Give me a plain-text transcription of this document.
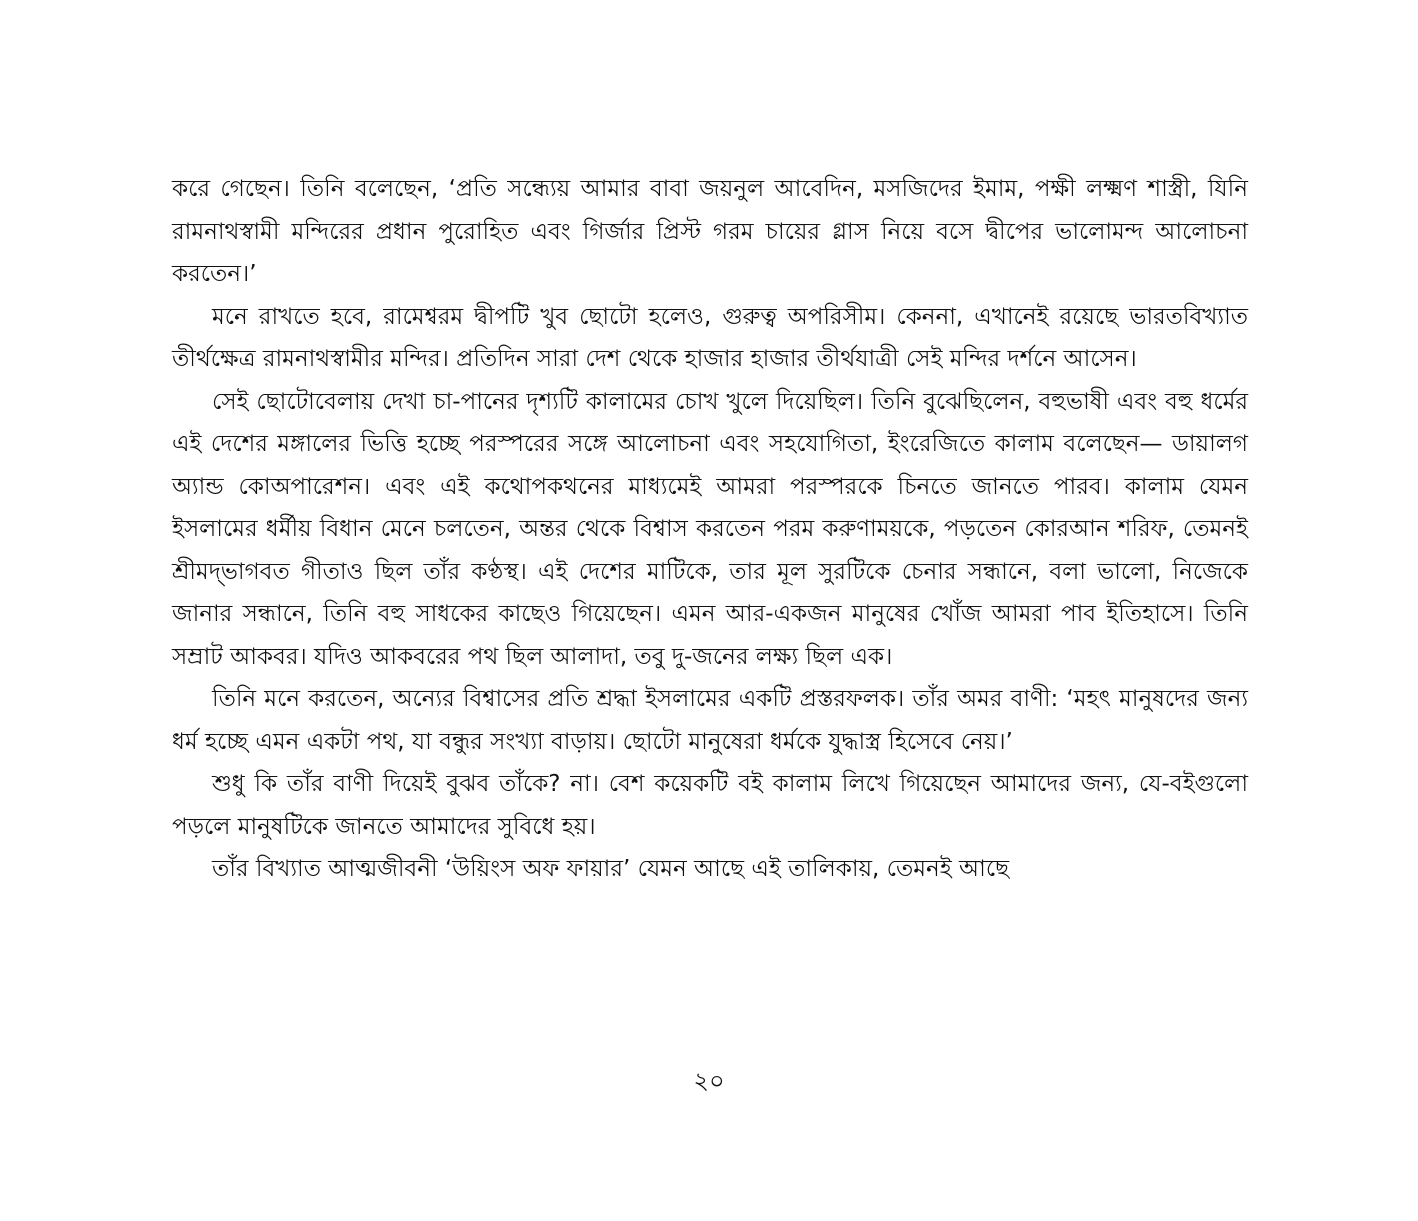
করে গেছেন। তিনি বলেছেন, ‘প্রতি সন্ধ্যেয় আমার বাবা জয়নুল আবেদিন, মসজিদের ইমাম, পক্ষী লক্ষ্মণ শাস্ত্রী, যিনি রামনাথস্বামী মন্দিরের প্রধান পুরোহিত এবং গির্জার প্রিস্ট গরম চায়ের গ্লাস নিয়ে বসে দ্বীপের ভালোমন্দ আলোচনা করতেন।’

মনে রাখতে হবে, রামেশ্বরম দ্বীপটি খুব ছোটো হলেও, গুরুত্ব অপরিসীম। কেননা, এখানেই রয়েছে ভারতবিখ্যাত তীর্থক্ষেত্র রামনাথস্বামীর মন্দির। প্রতিদিন সারা দেশ থেকে হাজার হাজার তীর্থযাত্রী সেই মন্দির দর্শনে আসেন।

সেই ছোটোবেলায় দেখা চা-পানের দৃশ্যটি কালামের চোখ খুলে দিয়েছিল। তিনি বুঝেছিলেন, বহুভাষী এবং বহু ধর্মের এই দেশের মঙ্গালের ভিত্তি হচ্ছে পরস্পরের সঙ্গে আলোচনা এবং সহযোগিতা, ইংরেজিতে কালাম বলেছেন— ডায়ালগ অ্যান্ড কোঅপারেশন। এবং এই কথোপকথনের মাধ্যমেই আমরা পরস্পরকে চিনতে জানতে পারব। কালাম যেমন ইসলামের ধর্মীয় বিধান মেনে চলতেন, অন্তর থেকে বিশ্বাস করতেন পরম করুণাময়কে, পড়তেন কোরআন শরিফ, তেমনই শ্রীমদ্‌ভাগবত গীতাও ছিল তাঁর কণ্ঠস্থ। এই দেশের মাটিকে, তার মূল সুরটিকে চেনার সন্ধানে, বলা ভালো, নিজেকে জানার সন্ধানে, তিনি বহু সাধকের কাছেও গিয়েছেন। এমন আর-একজন মানুষের খোঁজ আমরা পাব ইতিহাসে। তিনি সম্রাট আকবর। যদিও আকবরের পথ ছিল আলাদা, তবু দু-জনের লক্ষ্য ছিল এক।

তিনি মনে করতেন, অন্যের বিশ্বাসের প্রতি শ্রদ্ধা ইসলামের একটি প্রস্তরফলক। তাঁর অমর বাণী: ‘মহৎ মানুষদের জন্য ধর্ম হচ্ছে এমন একটা পথ, যা বন্ধুর সংখ্যা বাড়ায়। ছোটো মানুষেরা ধর্মকে যুদ্ধাস্ত্র হিসেবে নেয়।’

শুধু কি তাঁর বাণী দিয়েই বুঝব তাঁকে? না। বেশ কয়েকটি বই কালাম লিখে গিয়েছেন আমাদের জন্য, যে-বইগুলো পড়লে মানুষটিকে জানতে আমাদের সুবিধে হয়।

তাঁর বিখ্যাত আত্মজীবনী ‘উয়িংস অফ ফায়ার’ যেমন আছে এই তালিকায়, তেমনই আছে

২০
